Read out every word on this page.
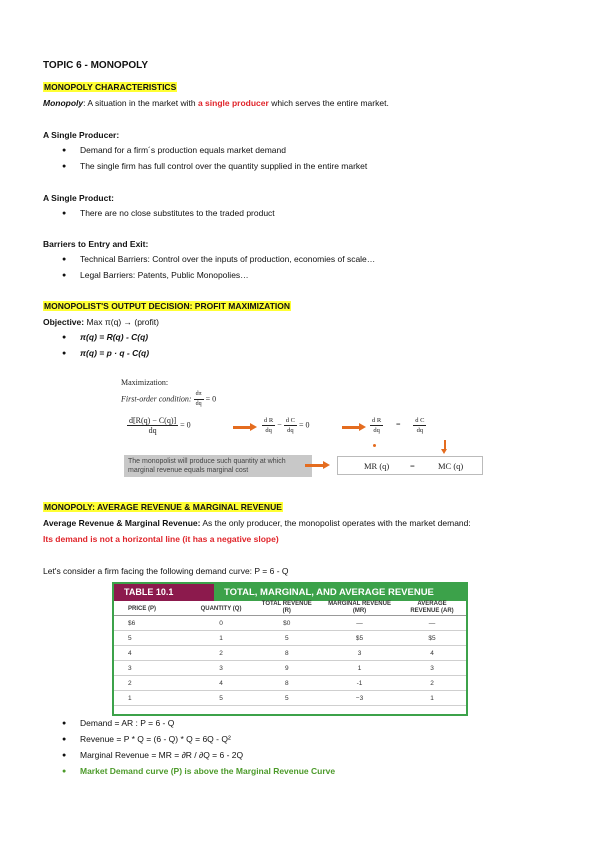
TOPIC 6 - MONOPOLY
MONOPOLY CHARACTERISTICS
Monopoly: A situation in the market with a single producer which serves the entire market.
A Single Producer:
● Demand for a firm´s production equals market demand
● The single firm has full control over the quantity supplied in the entire market
A Single Product:
● There are no close substitutes to the traded product
Barriers to Entry and Exit:
● Technical Barriers: Control over the inputs of production, economies of scale…
● Legal Barriers: Patents, Public Monopolies…
MONOPOLIST'S OUTPUT DECISION: PROFIT MAXIMIZATION
Objective: Max π(q) → (profit)
● π(q) = R(q) - C(q)
● π(q) = p · q - C(q)
Maximization:
First-order condition: $\frac{d\pi}{dq} = 0$
$\frac{d[R(q) - C(q)]}{dq} = 0$	$\frac{\text{d R}}{dq} - \frac{\text{d C}}{dq} = 0$	$\frac{\text{d R}}{dq} = \frac{\text{d C}}{dq}$
The monopolist will produce such quantity at which marginal revenue equals marginal cost	MR (q) =	MC (q)
MONOPOLY: AVERAGE REVENUE & MARGINAL REVENUE
Average Revenue & Marginal Revenue: As the only producer, the monopolist operates with the market demand:
Its demand is not a horizontal line (it has a negative slope)
Let's consider a firm facing the following demand curve: P = 6 - Q
TABLE 10.1	TOTAL, MARGINAL, AND AVERAGE REVENUE
PRICE (P)	QUANTITY (Q)	TOTAL REVENUE (R)	MARGINAL REVENUE (MR)	AVERAGE REVENUE (AR)
$6	0	$0	—	—
5	1	5	$5	$5
4	2	8	3	4
3	3	9	1	3
2	4	8	-1	2
1	5	5	−3	1
● Demand = AR : P = 6 - Q
● Revenue = P * Q = (6 - Q) * Q = 6Q - Q²
● Marginal Revenue = MR = ∂R / ∂Q = 6 - 2Q
● Market Demand curve (P) is above the Marginal Revenue Curve
